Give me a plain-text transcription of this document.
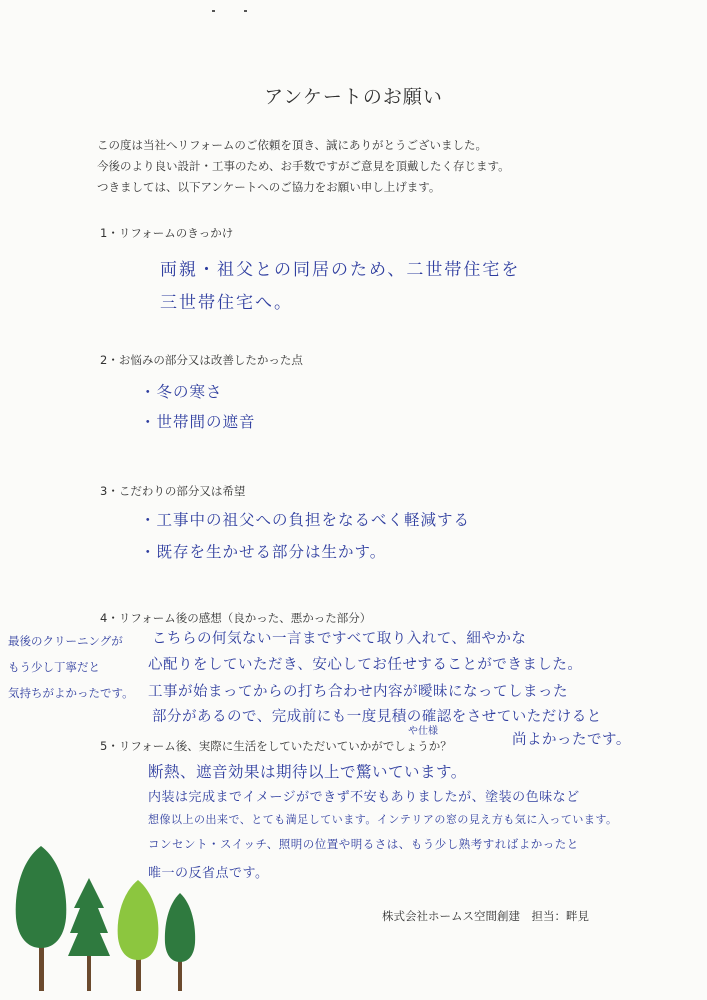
アンケートのお願い
この度は当社へリフォームのご依頼を頂き、誠にありがとうございました。
今後のより良い設計・工事のため、お手数ですがご意見を頂戴したく存じます。
つきましては、以下アンケートへのご協力をお願い申し上げます。
1・リフォームのきっかけ
両親・祖父との同居のため、二世帯住宅を
三世帯住宅へ。
2・お悩みの部分又は改善したかった点
・冬の寒さ
・世帯間の遮音
3・こだわりの部分又は希望
・工事中の祖父への負担をなるべく軽減する
・既存を生かせる部分は生かす。
4・リフォーム後の感想（良かった、悪かった部分）
最後のクリーニングが
もう少し丁寧だと
気持ちがよかったです。
こちらの何気ない一言まですべて取り入れて、細やかな
心配りをしていただき、安心してお任せすることができました。
工事が始まってからの打ち合わせ内容が曖昧になってしまった
部分があるので、完成前にも一度見積の確認をさせていただけると
や仕様
尚よかったです。
5・リフォーム後、実際に生活をしていただいていかがでしょうか？
断熱、遮音効果は期待以上で驚いています。
内装は完成までイメージができず不安もありましたが、塗装の色味など
想像以上の出来で、とても満足しています。インテリアの窓の見え方も気に入っています。
コンセント・スイッチ、照明の位置や明るさは、もう少し熟考すればよかったと
唯一の反省点です。
株式会社ホームス空間創建　担当：畔見
